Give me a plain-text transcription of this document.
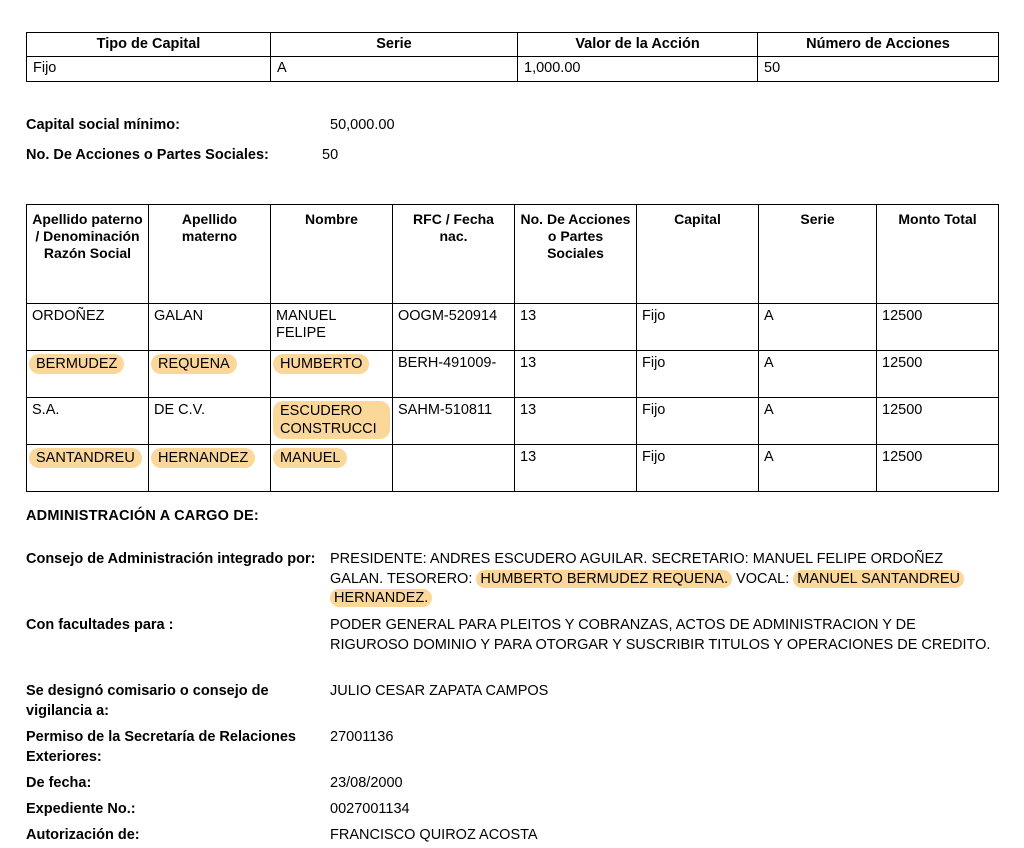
Tipo de Capital	Serie	Valor de la Acción	Número de Acciones
Fijo	A	1,000.00	50
Capital social mínimo:	50,000.00
No. De Acciones o Partes Sociales:	50
Apellido paterno / Denominación Razón Social	Apellido materno	Nombre	RFC / Fecha nac.	No. De Acciones o Partes Sociales	Capital	Serie	Monto Total
ORDOÑEZ	GALAN	MANUEL FELIPE	OOGM-520914	13	Fijo	A	12500
BERMUDEZ	REQUENA	HUMBERTO	BERH-491009-	13	Fijo	A	12500
S.A.	DE C.V.	ESCUDERO CONSTRUCCI	SAHM-510811	13	Fijo	A	12500
SANTANDREU	HERNANDEZ	MANUEL		13	Fijo	A	12500
ADMINISTRACIÓN A CARGO DE:
Consejo de Administración integrado por:	PRESIDENTE: ANDRES ESCUDERO AGUILAR. SECRETARIO: MANUEL FELIPE ORDOÑEZ GALAN. TESORERO: HUMBERTO BERMUDEZ REQUENA. VOCAL: MANUEL SANTANDREU HERNANDEZ.
Con facultades para :	PODER GENERAL PARA PLEITOS Y COBRANZAS, ACTOS DE ADMINISTRACION Y DE RIGUROSO DOMINIO Y PARA OTORGAR Y SUSCRIBIR TITULOS Y OPERACIONES DE CREDITO.
Se designó comisario o consejo de vigilancia a:
JULIO CESAR ZAPATA CAMPOS
Permiso de la Secretaría de Relaciones Exteriores:
27001136
De fecha:	23/08/2000
Expediente No.:	0027001134
Autorización de:	FRANCISCO QUIROZ ACOSTA
